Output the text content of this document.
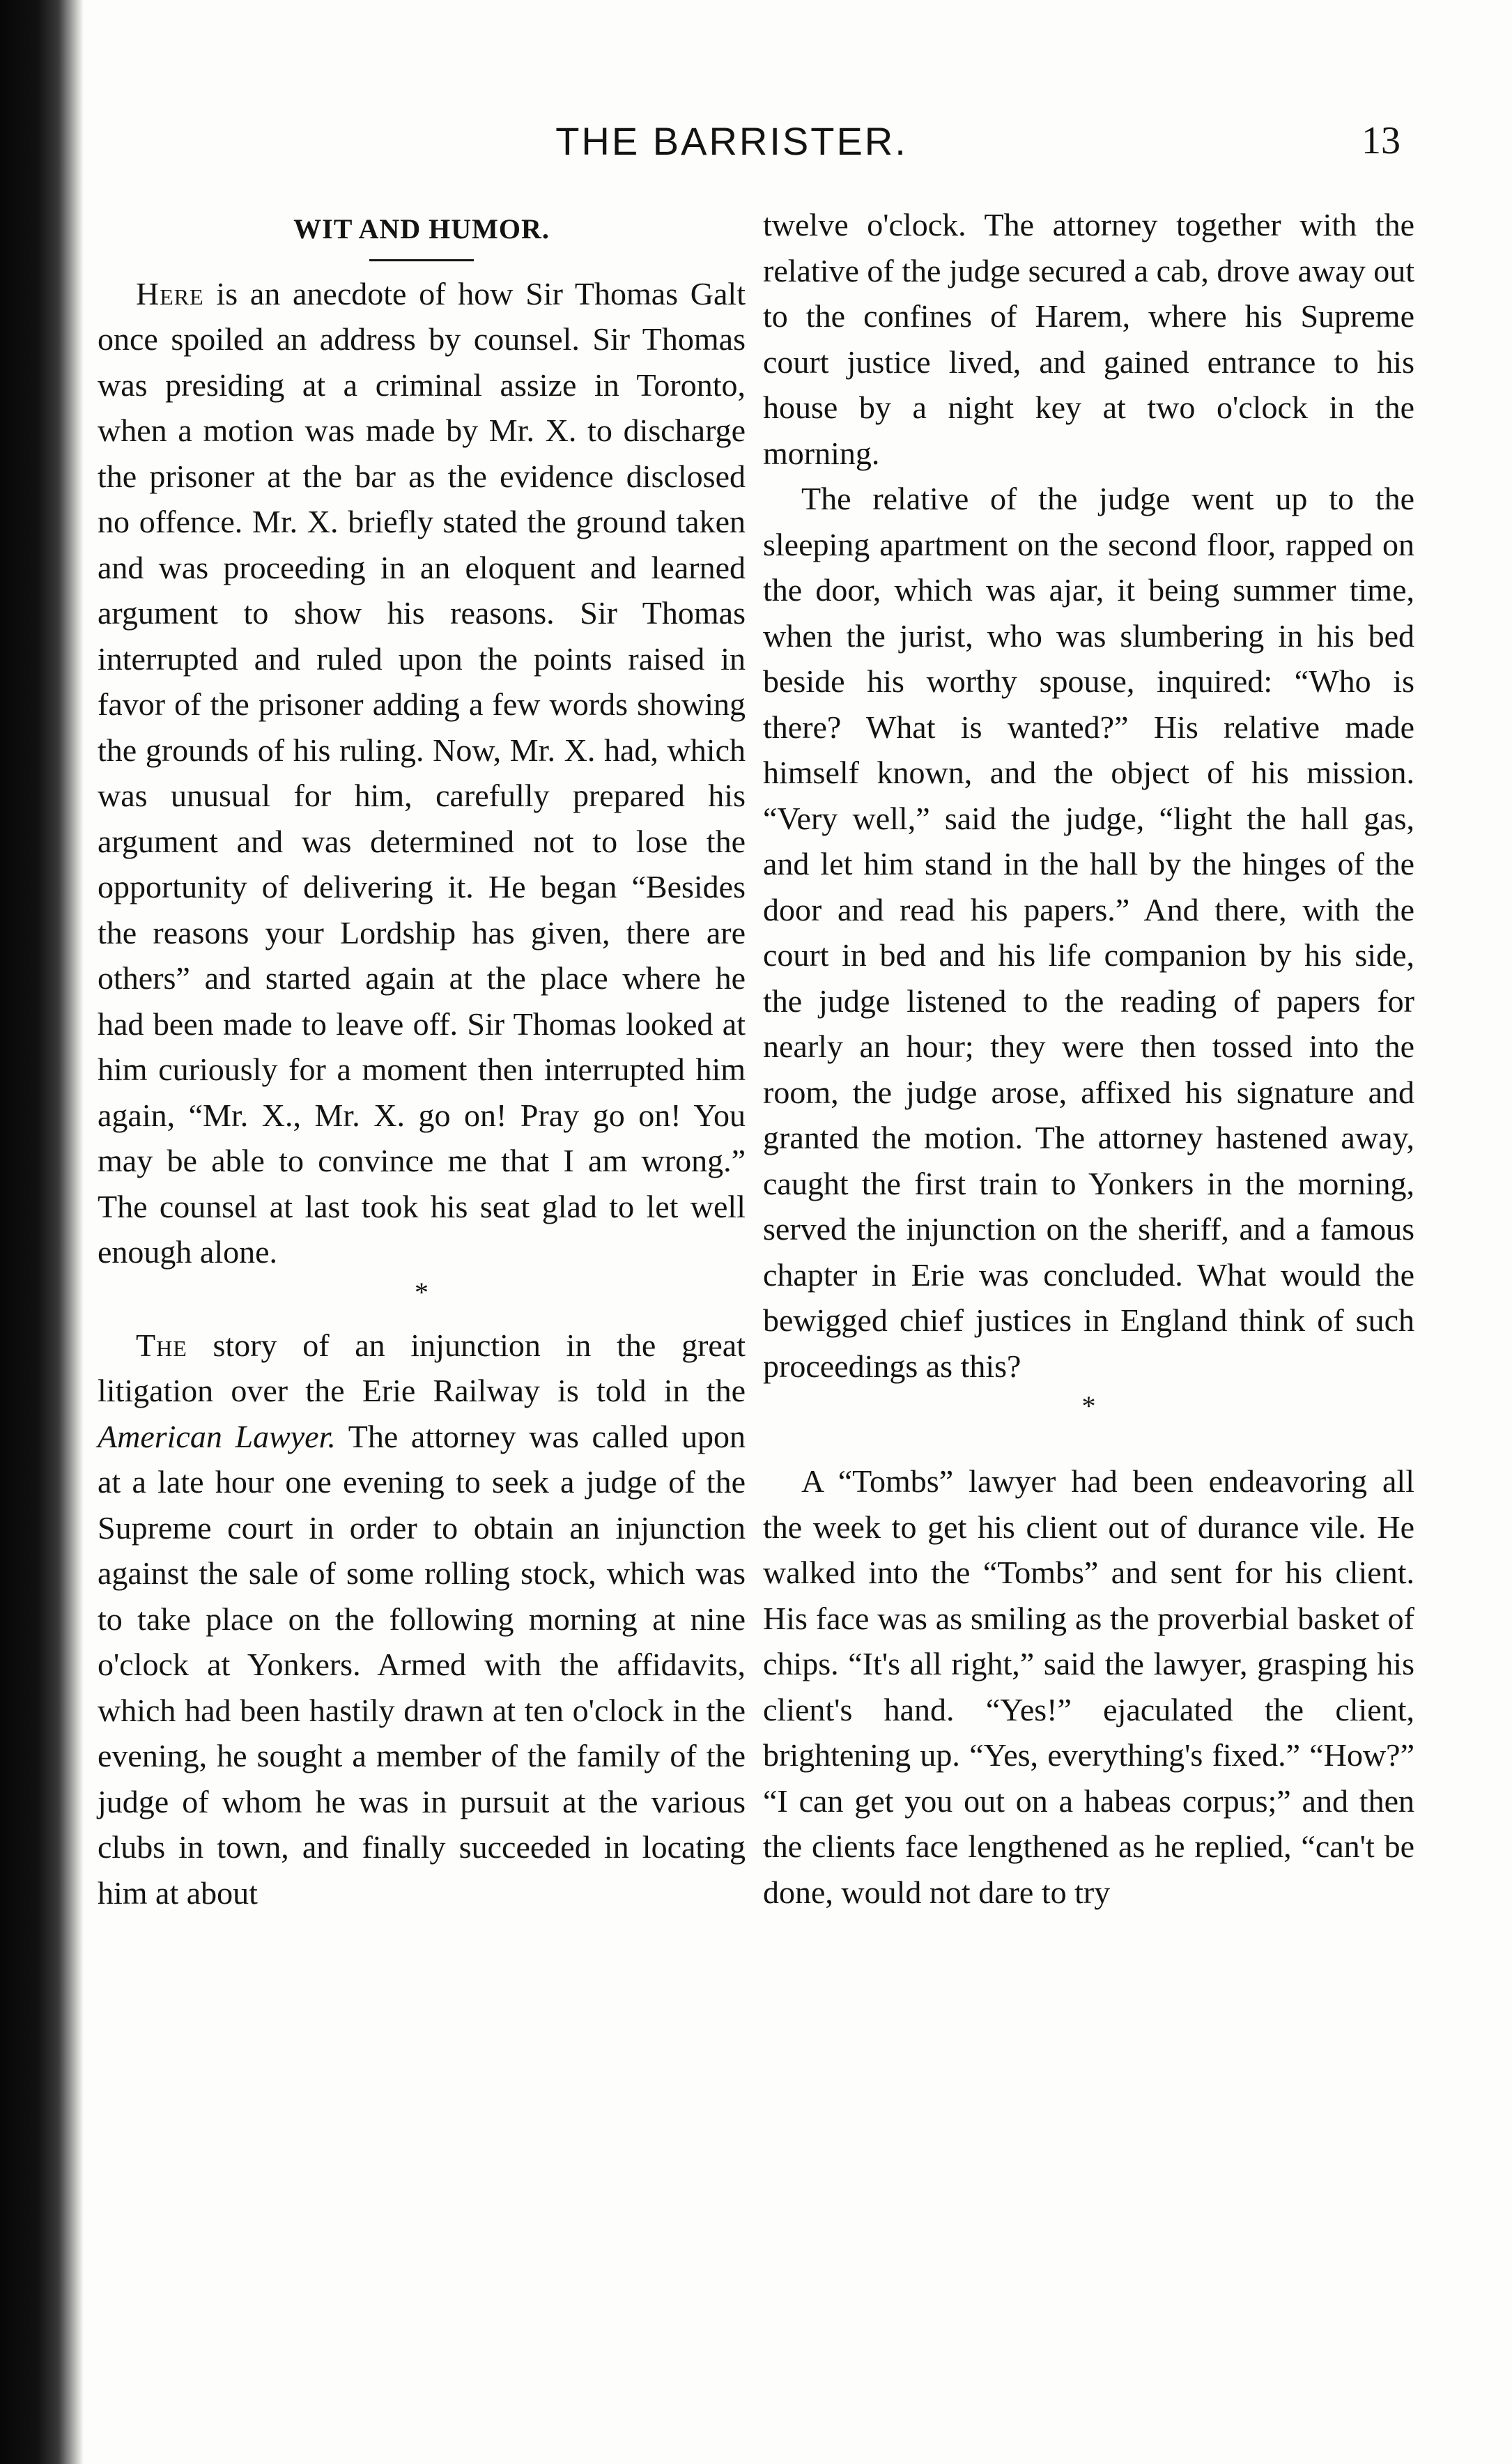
THE BARRISTER.	13
WIT AND HUMOR.

Here is an anecdote of how Sir Thomas Galt once spoiled an address by counsel. Sir Thomas was presiding at a criminal assize in Toronto, when a motion was made by Mr. X. to discharge the prisoner at the bar as the evidence disclosed no offence. Mr. X. briefly stated the ground taken and was proceeding in an eloquent and learned argument to show his reasons. Sir Thomas interrupted and ruled upon the points raised in favor of the prisoner adding a few words showing the grounds of his ruling. Now, Mr. X. had, which was unusual for him, carefully prepared his argument and was determined not to lose the opportunity of delivering it. He began “Besides the reasons your Lordship has given, there are others” and started again at the place where he had been made to leave off. Sir Thomas looked at him curiously for a moment then interrupted him again, “Mr. X., Mr. X. go on! Pray go on! You may be able to convince me that I am wrong.” The counsel at last took his seat glad to let well enough alone.

*

The story of an injunction in the great litigation over the Erie Railway is told in the American Lawyer. The attorney was called upon at a late hour one evening to seek a judge of the Supreme court in order to obtain an injunction against the sale of some rolling stock, which was to take place on the following morning at nine o'clock at Yonkers. Armed with the affidavits, which had been hastily drawn at ten o'clock in the evening, he sought a member of the family of the judge of whom he was in pursuit at the various clubs in town, and finally succeeded in locating him at about

twelve o'clock. The attorney together with the relative of the judge secured a cab, drove away out to the confines of Harem, where his Supreme court justice lived, and gained entrance to his house by a night key at two o'clock in the morning.

The relative of the judge went up to the sleeping apartment on the second floor, rapped on the door, which was ajar, it being summer time, when the jurist, who was slumbering in his bed beside his worthy spouse, inquired: “Who is there? What is wanted?” His relative made himself known, and the object of his mission. “Very well,” said the judge, “light the hall gas, and let him stand in the hall by the hinges of the door and read his papers.” And there, with the court in bed and his life companion by his side, the judge listened to the reading of papers for nearly an hour; they were then tossed into the room, the judge arose, affixed his signature and granted the motion. The attorney hastened away, caught the first train to Yonkers in the morning, served the injunction on the sheriff, and a famous chapter in Erie was concluded. What would the bewigged chief justices in England think of such proceedings as this?

*

A “Tombs” lawyer had been endeavoring all the week to get his client out of durance vile. He walked into the “Tombs” and sent for his client. His face was as smiling as the proverbial basket of chips. “It's all right,” said the lawyer, grasping his client's hand. “Yes!” ejaculated the client, brightening up. “Yes, everything's fixed.” “How?” “I can get you out on a habeas corpus;” and then the clients face lengthened as he replied, “can't be done, would not dare to try
